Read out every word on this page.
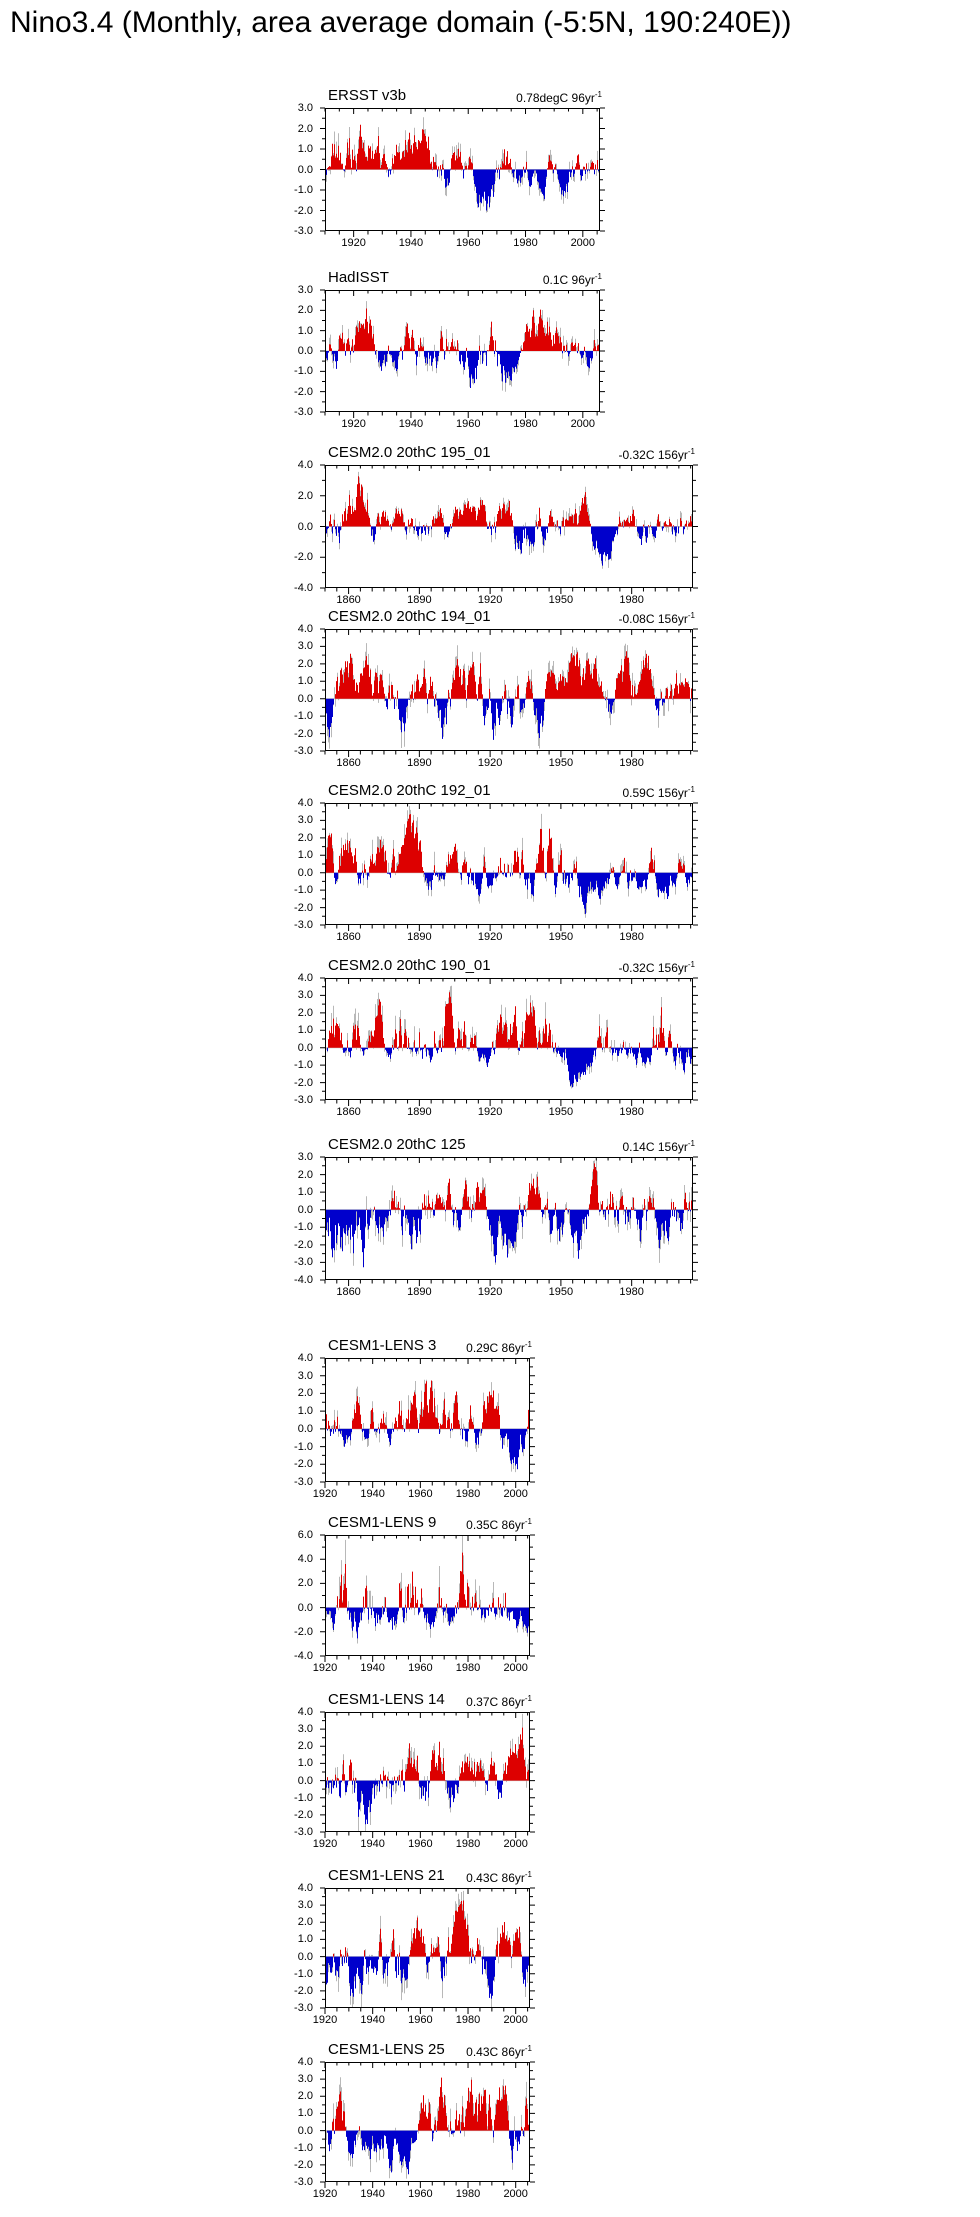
Nino3.4 (Monthly, area average domain (-5:5N, 190:240E))
ERSST v3b	0.78degC $96yr^{-1}$
3.0
2.0
1.0
0.0
-1.0
-2.0
-3.0
1920	1940	1960	1980	2000
HadISST	0.1C $96yr^{-1}$
3.0
2.0
1.0
0.0
-1.0
-2.0
-3.0
1920	1940	1960	1980	2000
CESM2.0 20thC 195_01	-0.32C $156yr^{-1}$
4.0
2.0
0.0
-2.0
-4.0
1860	1890	1920	1950	1980
CESM2.0 20thC 194_01	-0.08C $156yr^{-1}$
4.0
3.0
2.0
1.0
0.0
-1.0
-2.0
-3.0
1860	1890	1920	1950	1980
CESM2.0 20thC 192_01	0.59C $156yr^{-1}$
4.0
3.0
2.0
1.0
0.0
-1.0
-2.0
-3.0
1860	1890	1920	1950	1980
CESM2.0 20thC 190_01	-0.32C $156yr^{-1}$
4.0
3.0
2.0
1.0
0.0
-1.0
-2.0
-3.0
1860	1890	1920	1950	1980
CESM2.0 20thC 125	0.14C $156yr^{-1}$
3.0
2.0
1.0
0.0
-1.0
-2.0
-3.0
-4.0
1860	1890	1920	1950	1980
CESM1-LENS 3 0.29C $86yr^{-1}$
4.0
3.0
2.0
1.0
0.0
-1.0
-2.0
-3.0
1920	1940	1960	1980	2000
CESM1-LENS 9 0.35C $86yr^{-1}$
6.0
4.0
2.0
0.0
-2.0
-4.0
1920	1940	1960	1980	2000
CESM1-LENS 14 0.37C $86yr^{-1}$
4.0
3.0
2.0
1.0
0.0
-1.0
-2.0
-3.0
1920	1940	1960	1980	2000
CESM1-LENS 21 0.43C $86yr^{-1}$
4.0
3.0
2.0
1.0
0.0
-1.0
-2.0
-3.0
1920	1940	1960	1980	2000
CESM1-LENS 25 0.43C $86yr^{-1}$
4.0
3.0
2.0
1.0
0.0
-1.0
-2.0
-3.0
1920	1940	1960	1980	2000
